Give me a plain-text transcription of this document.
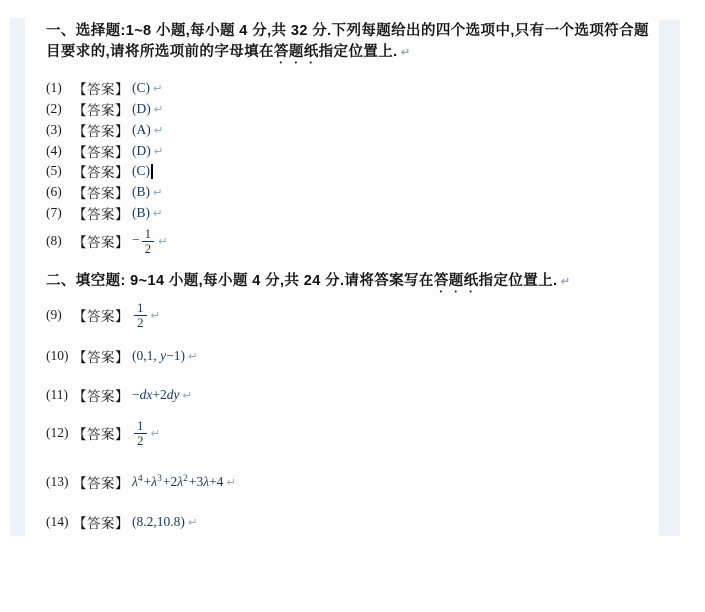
一、选择题:1~8 小题,每小题 4 分,共 32 分.下列每题给出的四个选项中,只有一个选项符合题
目要求的,请将所选项前的字母填在答题纸指定位置上. ↵
(1) 【答案】 (C) ↵
(2) 【答案】 (D) ↵
(3) 【答案】 (A) ↵
(4) 【答案】 (D) ↵
(5) 【答案】 (C)
(6) 【答案】 (B) ↵
(7) 【答案】 (B) ↵
(8) 【答案】 − $\frac{1}{2}$ ↵
二、填空题: 9~14 小题,每小题 4 分,共 24 分.请将答案写在答题纸指定位置上. ↵
(9) 【答案】 $\frac{1}{2}$ ↵
(10) 【答案】 (0,1, y−1) ↵
(11) 【答案】 −dx+2dy ↵
(12) 【答案】 $\frac{1}{2}$ ↵
(13) 【答案】 $\lambda^4+\lambda^3+2\lambda^2+3\lambda+4$ ↵
(14) 【答案】 (8.2,10.8) ↵
